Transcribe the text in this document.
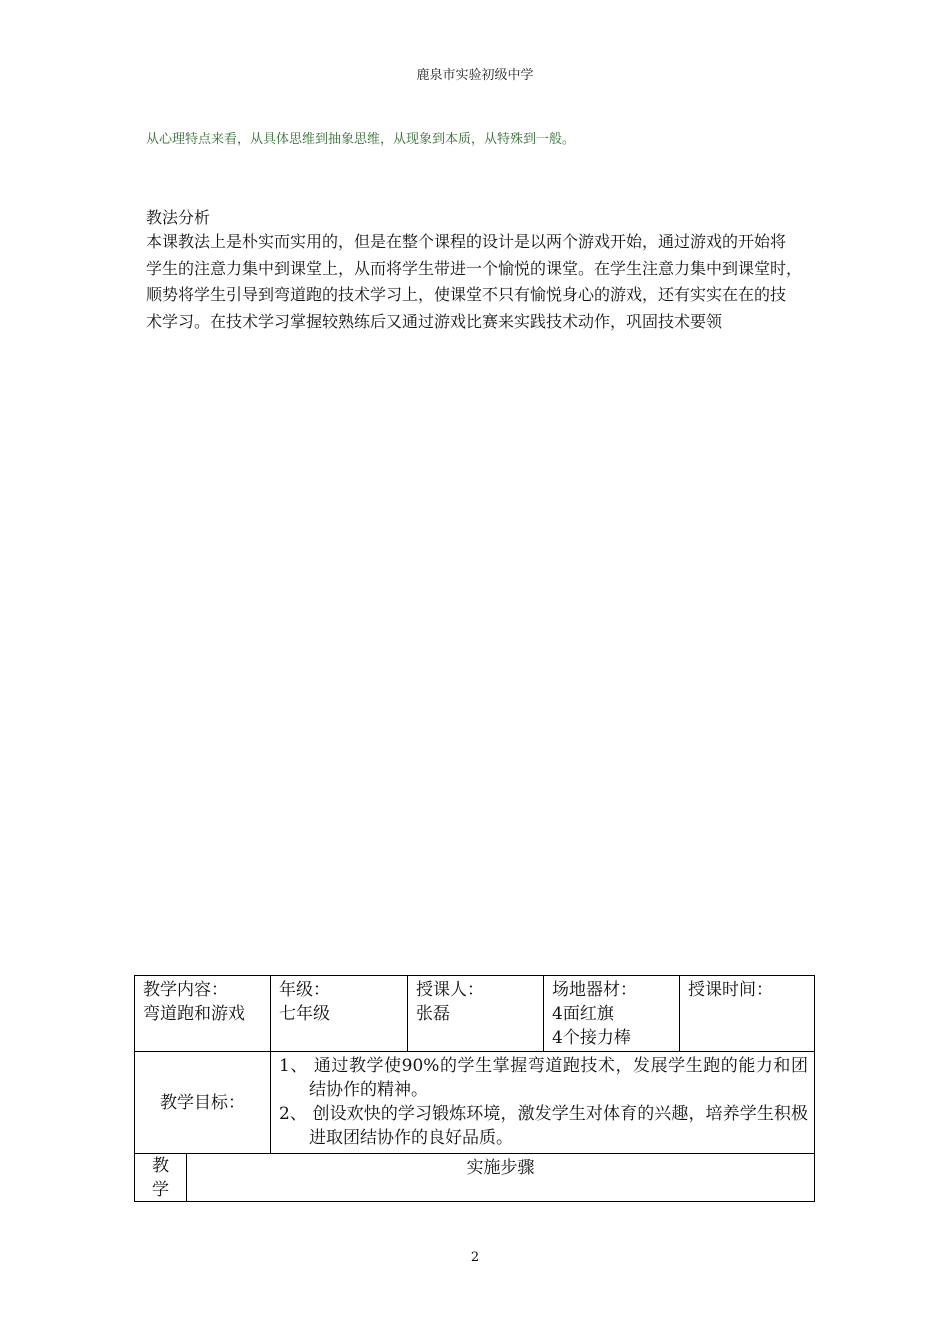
鹿泉市实验初级中学
从心理特点来看，从具体思维到抽象思维，从现象到本质，从特殊到一般。
教法分析
本课教法上是朴实而实用的，但是在整个课程的设计是以两个游戏开始，通过游戏的开始将
学生的注意力集中到课堂上，从而将学生带进一个愉悦的课堂。在学生注意力集中到课堂时，
顺势将学生引导到弯道跑的技术学习上，使课堂不只有愉悦身心的游戏，还有实实在在的技
术学习。在技术学习掌握较熟练后又通过游戏比赛来实践技术动作，巩固技术要领
教学内容：
弯道跑和游戏
年级：
七年级
授课人：
张磊
场地器材：
4面红旗
4个接力棒
授课时间：
教学目标：
1、 通过教学使90%的学生掌握弯道跑技术，发展学生跑的能力和团结协作的精神。
2、 创设欢快的学习锻炼环境，激发学生对体育的兴趣，培养学生积极进取团结协作的良好品质。
教
学
实施步骤
2
